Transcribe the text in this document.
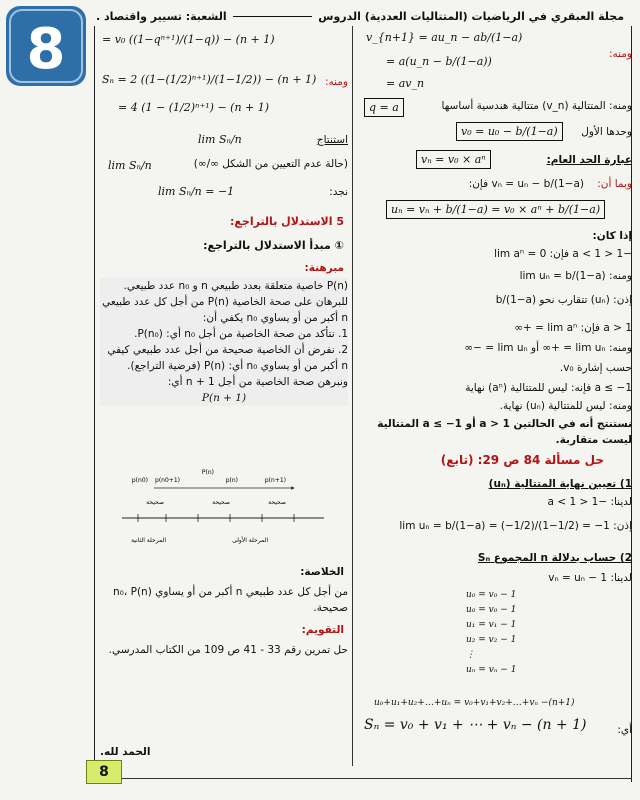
8
مجلة العبقري في الرياضيات (المتتاليات العددية) الدروس
الشعبة: تسيير واقتصاد .
v_{n+1} = au_n − ab/(1−a)
ومنه:
= a(u_n − b/(1−a))
= av_n
ومنه: المتتالية (v_n) متتالية هندسية أساسها
q = a
وحدها الأول
v₀ = u₀ − b/(1−a)
عبارة الحد العام:
vₙ = v₀ × aⁿ
وبما أن:
vₙ = uₙ − b/(1−a) فإن:
uₙ = vₙ + b/(1−a) = v₀ × aⁿ + b/(1−a)
إذا كان:
−1 < a < 1 فإن: lim aⁿ = 0
ومنه: lim uₙ = b/(1−a)
إذن: (uₙ) تتقارب نحو b/(1−a)
a > 1 فإن: lim aⁿ = +∞
ومنه: lim uₙ = +∞ أو lim uₙ = −∞
حسب إشارة v₀.
a ≤ −1 فإنه: ليس للمتتالية (aⁿ) نهاية
ومنه: ليس للمتتالية (uₙ) نهاية.
نستنتج أنه في الحالتين a > 1 أو a ≤ −1 المتتالية ليست متقاربة.
حل مسألة 84 ص 29: (تابع)
1) تعيين نهاية المتتالية (uₙ)
لدينا: −1 < a < 1
إذن: lim uₙ = b/(1−a) = (−1/2)/(1−1/2) = −1
2) حساب بدلالة n المجموع Sₙ
لدينا: vₙ = uₙ − 1
u₀ = v₀ − 1
u₀ = v₀ − 1
u₁ = v₁ − 1
u₂ = v₂ − 1
⋮
uₙ = vₙ − 1
u₀+u₁+u₂+…+uₙ = v₀+v₁+v₂+…+vₙ −(n+1)
أي:
Sₙ = v₀ + v₁ + ⋯ + vₙ − (n + 1)
= v₀ ((1−qⁿ⁺¹)/(1−q)) − (n + 1)
ومنه:
Sₙ = 2 ((1−(1/2)ⁿ⁺¹)/(1−1/2)) − (n + 1)
= 4 (1 − (1/2)ⁿ⁺¹) − (n + 1)
استنتاج
lim Sₙ/n
(حالة عدم التعيين من الشكل ∞/∞)
lim Sₙ/n
نجد:
lim Sₙ/n = −1
5 الاستدلال بالتراجع:
① مبدأ الاستدلال بالتراجع:
مبرهنة:
P(n) خاصية متعلقة بعدد طبيعي n و n₀ عدد طبيعي.
للبرهان على صحة الخاصية P(n) من أجل كل عدد طبيعي n أكبر من أو يساوي n₀ يكفي أن:
1. نتأكد من صحة الخاصية من أجل n₀ أي: P(n₀).
2. نفرض أن الخاصية صحيحة من أجل عدد طبيعي كيفي n أكبر من أو يساوي n₀ أي: P(n) (فرضية التراجع).
ونبرهن صحة الخاصية من أجل n + 1 أي:
P(n + 1)
p(n0) p(n0+1)
P(n)
p(n)	p(n+1)
صحيحة	صحيحة	صحيحة
المرحلة الثانية	المرحلة الأولى
الخلاصة:
من أجل كل عدد طبيعي n أكبر من أو يساوي n₀، P(n) صحيحة.
التقويم:
حل تمرين رقم 33 - 41 ص 109 من الكتاب المدرسي.
الحمد لله.
8
